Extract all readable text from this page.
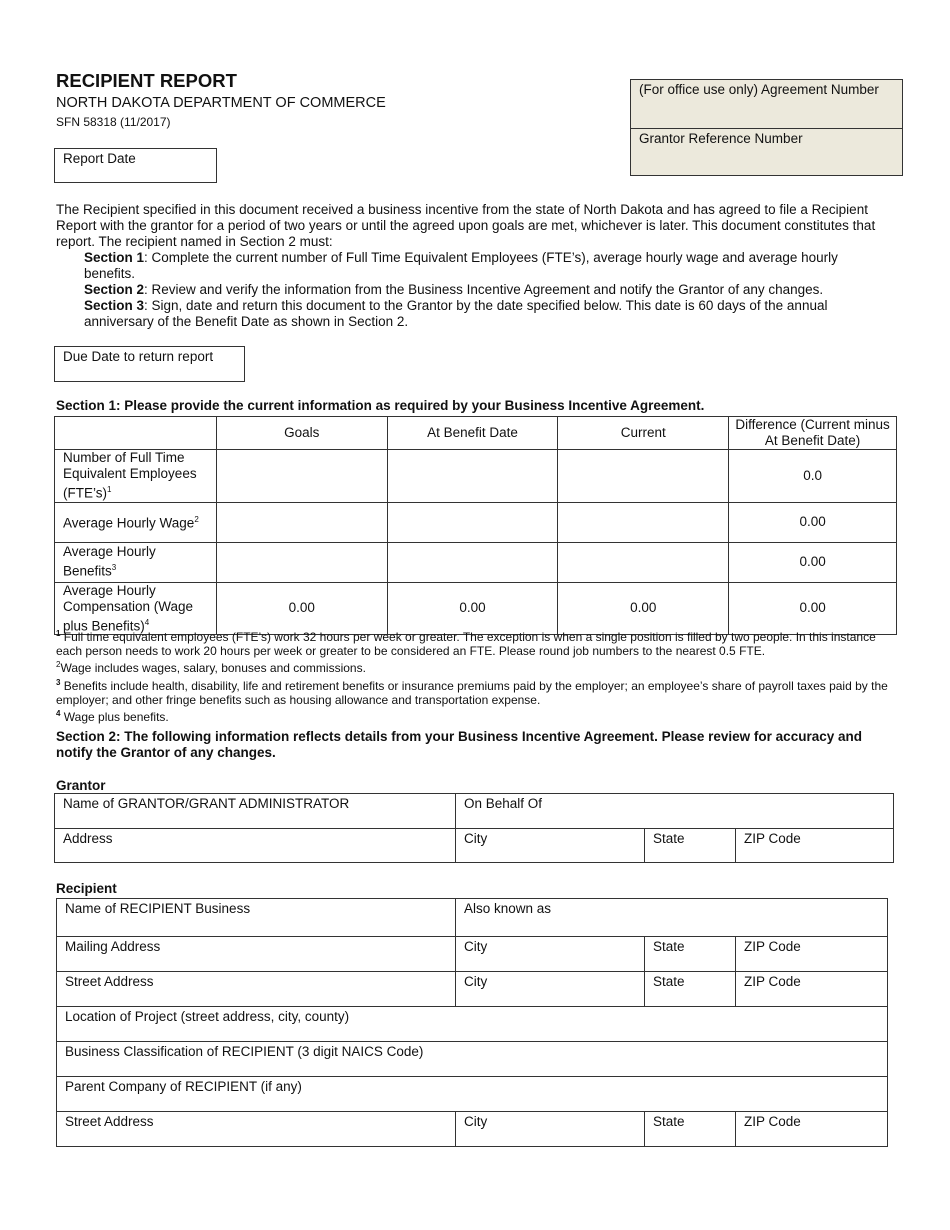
RECIPIENT REPORT
NORTH DAKOTA DEPARTMENT OF COMMERCE
SFN 58318 (11/2017)
(For office use only) Agreement Number
Grantor Reference Number
Report Date
The Recipient specified in this document received a business incentive from the state of North Dakota and has agreed to file a Recipient Report with the grantor for a period of two years or until the agreed upon goals are met, whichever is later. This document constitutes that report. The recipient named in Section 2 must:
Section 1: Complete the current number of Full Time Equivalent Employees (FTE’s), average hourly wage and average hourly benefits.
Section 2: Review and verify the information from the Business Incentive Agreement and notify the Grantor of any changes.
Section 3: Sign, date and return this document to the Grantor by the date specified below. This date is 60 days of the annual anniversary of the Benefit Date as shown in Section 2.
Due Date to return report
Section 1: Please provide the current information as required by your Business Incentive Agreement.
	Goals	At Benefit Date	Current	Difference (Current minus At Benefit Date)
Number of Full Time Equivalent Employees (FTE’s)$^1$				0.0
Average Hourly Wage$^2$				0.00
Average Hourly Benefits$^3$				0.00
Average Hourly Compensation (Wage plus Benefits)$^4$	0.00	0.00	0.00	0.00
$^1$ Full time equivalent employees (FTE’s) work 32 hours per week or greater. The exception is when a single position is filled by two people. In this instance each person needs to work 20 hours per week or greater to be considered an FTE. Please round job numbers to the nearest 0.5 FTE.
$^2$Wage includes wages, salary, bonuses and commissions.
$^3$ Benefits include health, disability, life and retirement benefits or insurance premiums paid by the employer; an employee’s share of payroll taxes paid by the employer; and other fringe benefits such as housing allowance and transportation expense.
$^4$ Wage plus benefits.
Section 2: The following information reflects details from your Business Incentive Agreement. Please review for accuracy and notify the Grantor of any changes.
Grantor
Name of GRANTOR/GRANT ADMINISTRATOR	On Behalf Of
Address	City	State	ZIP Code
Recipient
Name of RECIPIENT Business	Also known as
Mailing Address	City	State	ZIP Code
Street Address	City	State	ZIP Code
Location of Project (street address, city, county)
Business Classification of RECIPIENT (3 digit NAICS Code)
Parent Company of RECIPIENT (if any)
Street Address	City	State	ZIP Code
